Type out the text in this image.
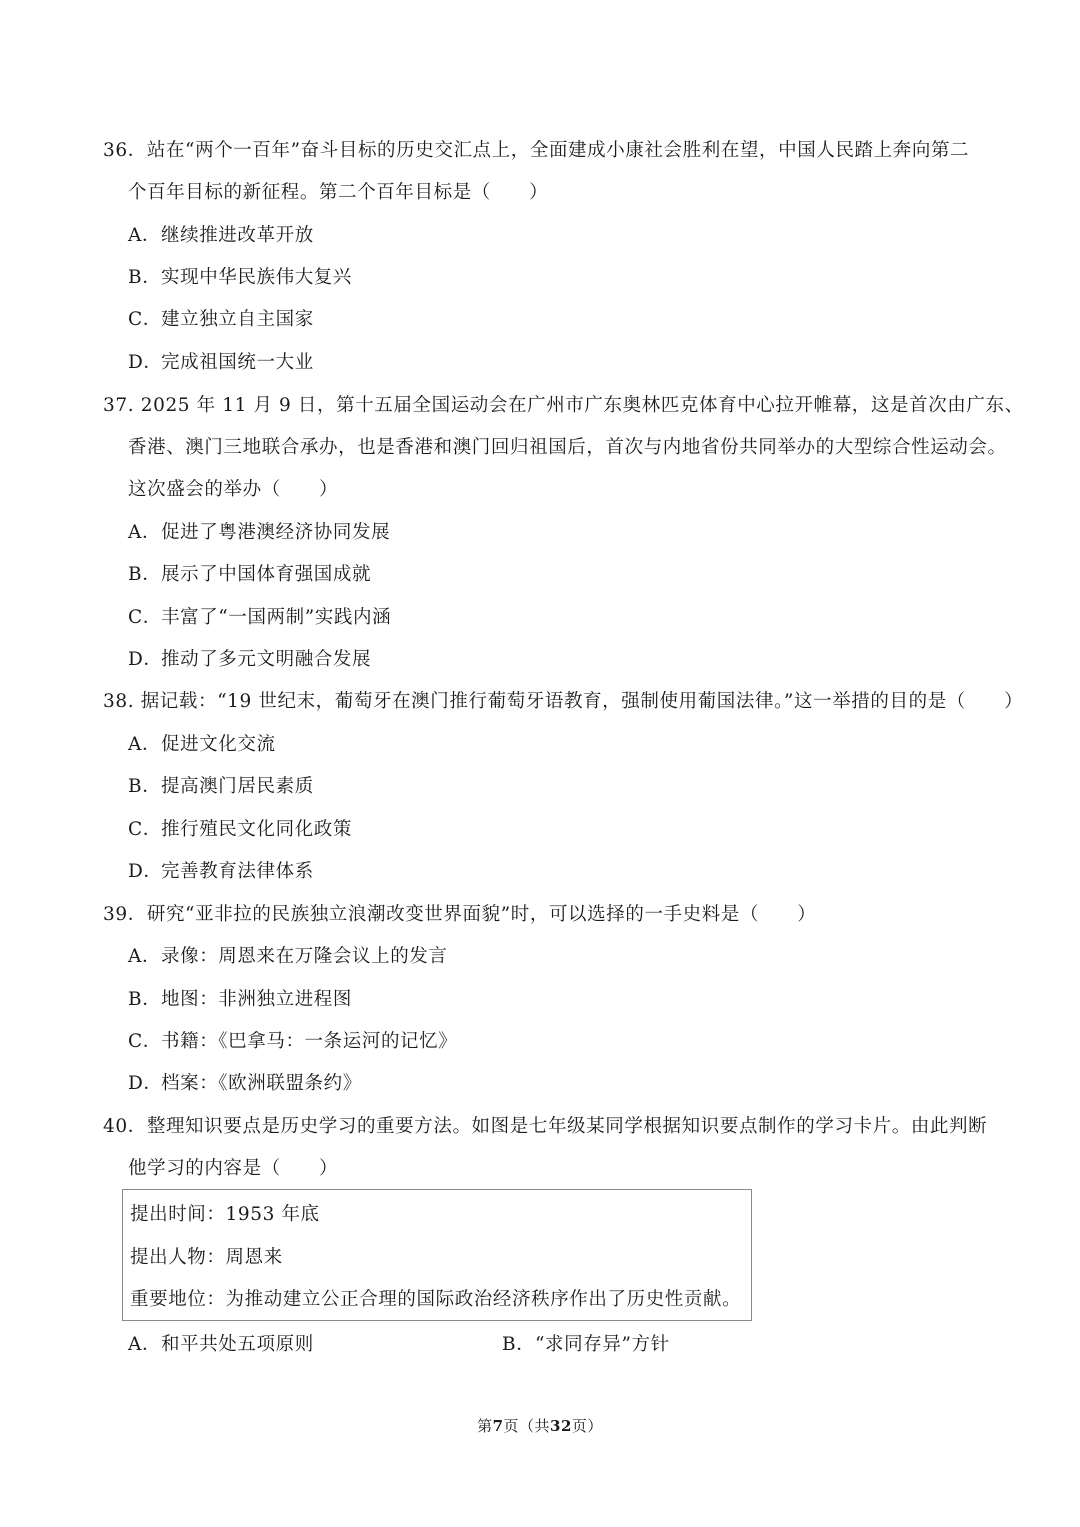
36．站在“两个一百年”奋斗目标的历史交汇点上，全面建成小康社会胜利在望，中国人民踏上奔向第二
个百年目标的新征程。第二个百年目标是（　　）
A．继续推进改革开放
B．实现中华民族伟大复兴
C．建立独立自主国家
D．完成祖国统一大业
37. 2025 年 11 月 9 日，第十五届全国运动会在广州市广东奥林匹克体育中心拉开帷幕，这是首次由广东、
香港、澳门三地联合承办，也是香港和澳门回归祖国后，首次与内地省份共同举办的大型综合性运动会。
这次盛会的举办（　　）
A．促进了粤港澳经济协同发展
B．展示了中国体育强国成就
C．丰富了“一国两制”实践内涵
D．推动了多元文明融合发展
38. 据记载：“19 世纪末，葡萄牙在澳门推行葡萄牙语教育，强制使用葡国法律。”这一举措的目的是（　　）
A．促进文化交流
B．提高澳门居民素质
C．推行殖民文化同化政策
D．完善教育法律体系
39．研究“亚非拉的民族独立浪潮改变世界面貌”时，可以选择的一手史料是（　　）
A．录像：周恩来在万隆会议上的发言
B．地图：非洲独立进程图
C．书籍：《巴拿马：一条运河的记忆》
D．档案：《欧洲联盟条约》
40．整理知识要点是历史学习的重要方法。如图是七年级某同学根据知识要点制作的学习卡片。由此判断
他学习的内容是（　　）
提出时间：1953 年底
提出人物：周恩来
重要地位：为推动建立公正合理的国际政治经济秩序作出了历史性贡献。
A．和平共处五项原则	B．“求同存异”方针
第7页（共32页）
